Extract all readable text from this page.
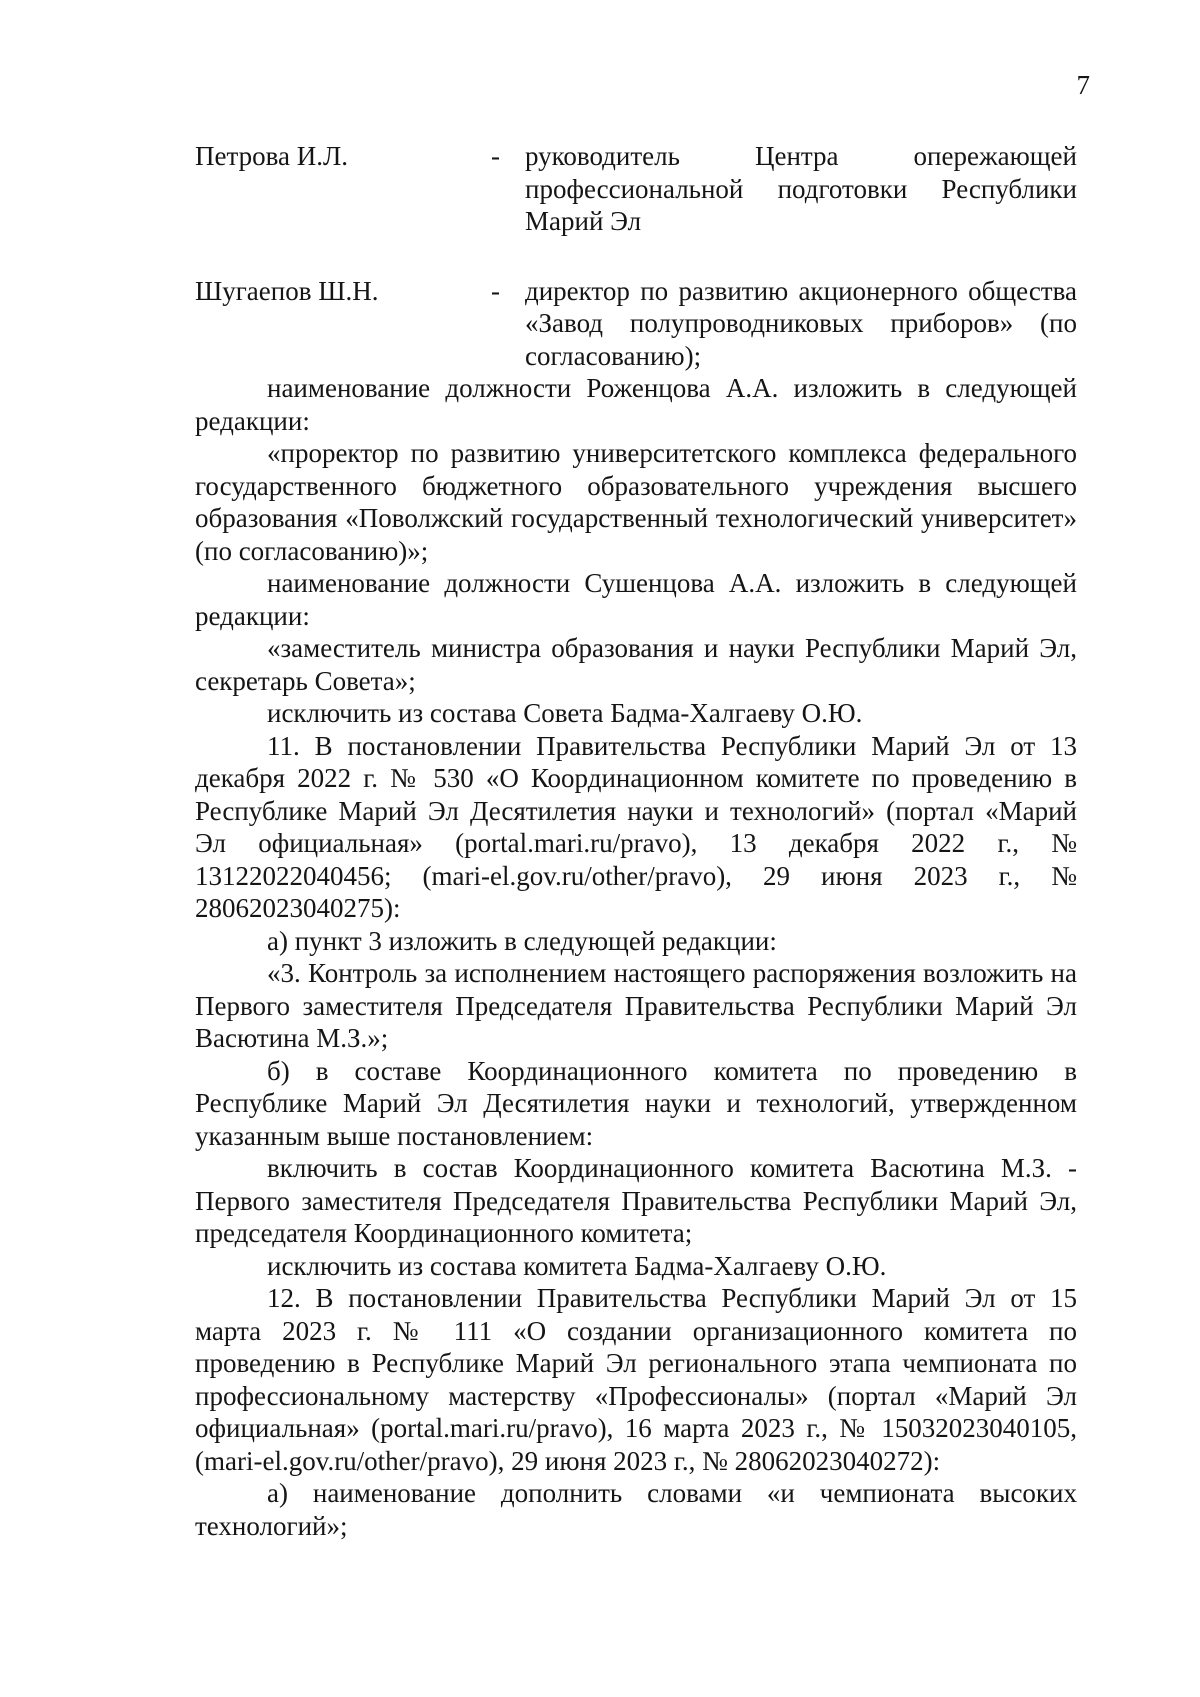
7
Петрова И.Л.	- руководитель Центра опережающей профессиональной подготовки Республики Марий Эл
Шугаепов Ш.Н.	- директор по развитию акционерного общества «Завод полупроводниковых приборов» (по согласованию);

наименование должности Роженцова А.А. изложить в следующей редакции:

«проректор по развитию университетского комплекса федерального государственного бюджетного образовательного учреждения высшего образования «Поволжский государственный технологический университет» (по согласованию)»;

наименование должности Сушенцова А.А. изложить в следующей редакции:

«заместитель министра образования и науки Республики Марий Эл, секретарь Совета»;

исключить из состава Совета Бадма-Халгаеву О.Ю.

11. В постановлении Правительства Республики Марий Эл от 13 декабря 2022 г. № 530 «О Координационном комитете по проведению в Республике Марий Эл Десятилетия науки и технологий» (портал «Марий Эл официальная» (portal.mari.ru/pravo), 13 декабря 2022 г., № 13122022040456; (mari-el.gov.ru/other/pravo), 29 июня 2023 г., № 28062023040275):

а) пункт 3 изложить в следующей редакции:

«3. Контроль за исполнением настоящего распоряжения возложить на Первого заместителя Председателя Правительства Республики Марий Эл Васютина М.З.»;

б) в составе Координационного комитета по проведению в Республике Марий Эл Десятилетия науки и технологий, утвержденном указанным выше постановлением:

включить в состав Координационного комитета Васютина М.З. - Первого заместителя Председателя Правительства Республики Марий Эл, председателя Координационного комитета;

исключить из состава комитета Бадма-Халгаеву О.Ю.

12. В постановлении Правительства Республики Марий Эл от 15 марта 2023 г. № 111 «О создании организационного комитета по проведению в Республике Марий Эл регионального этапа чемпионата по профессиональному мастерству «Профессионалы» (портал «Марий Эл официальная» (portal.mari.ru/pravo), 16 марта 2023 г., № 15032023040105, (mari-el.gov.ru/other/pravo), 29 июня 2023 г., № 28062023040272):

а) наименование дополнить словами «и чемпионата высоких технологий»;
